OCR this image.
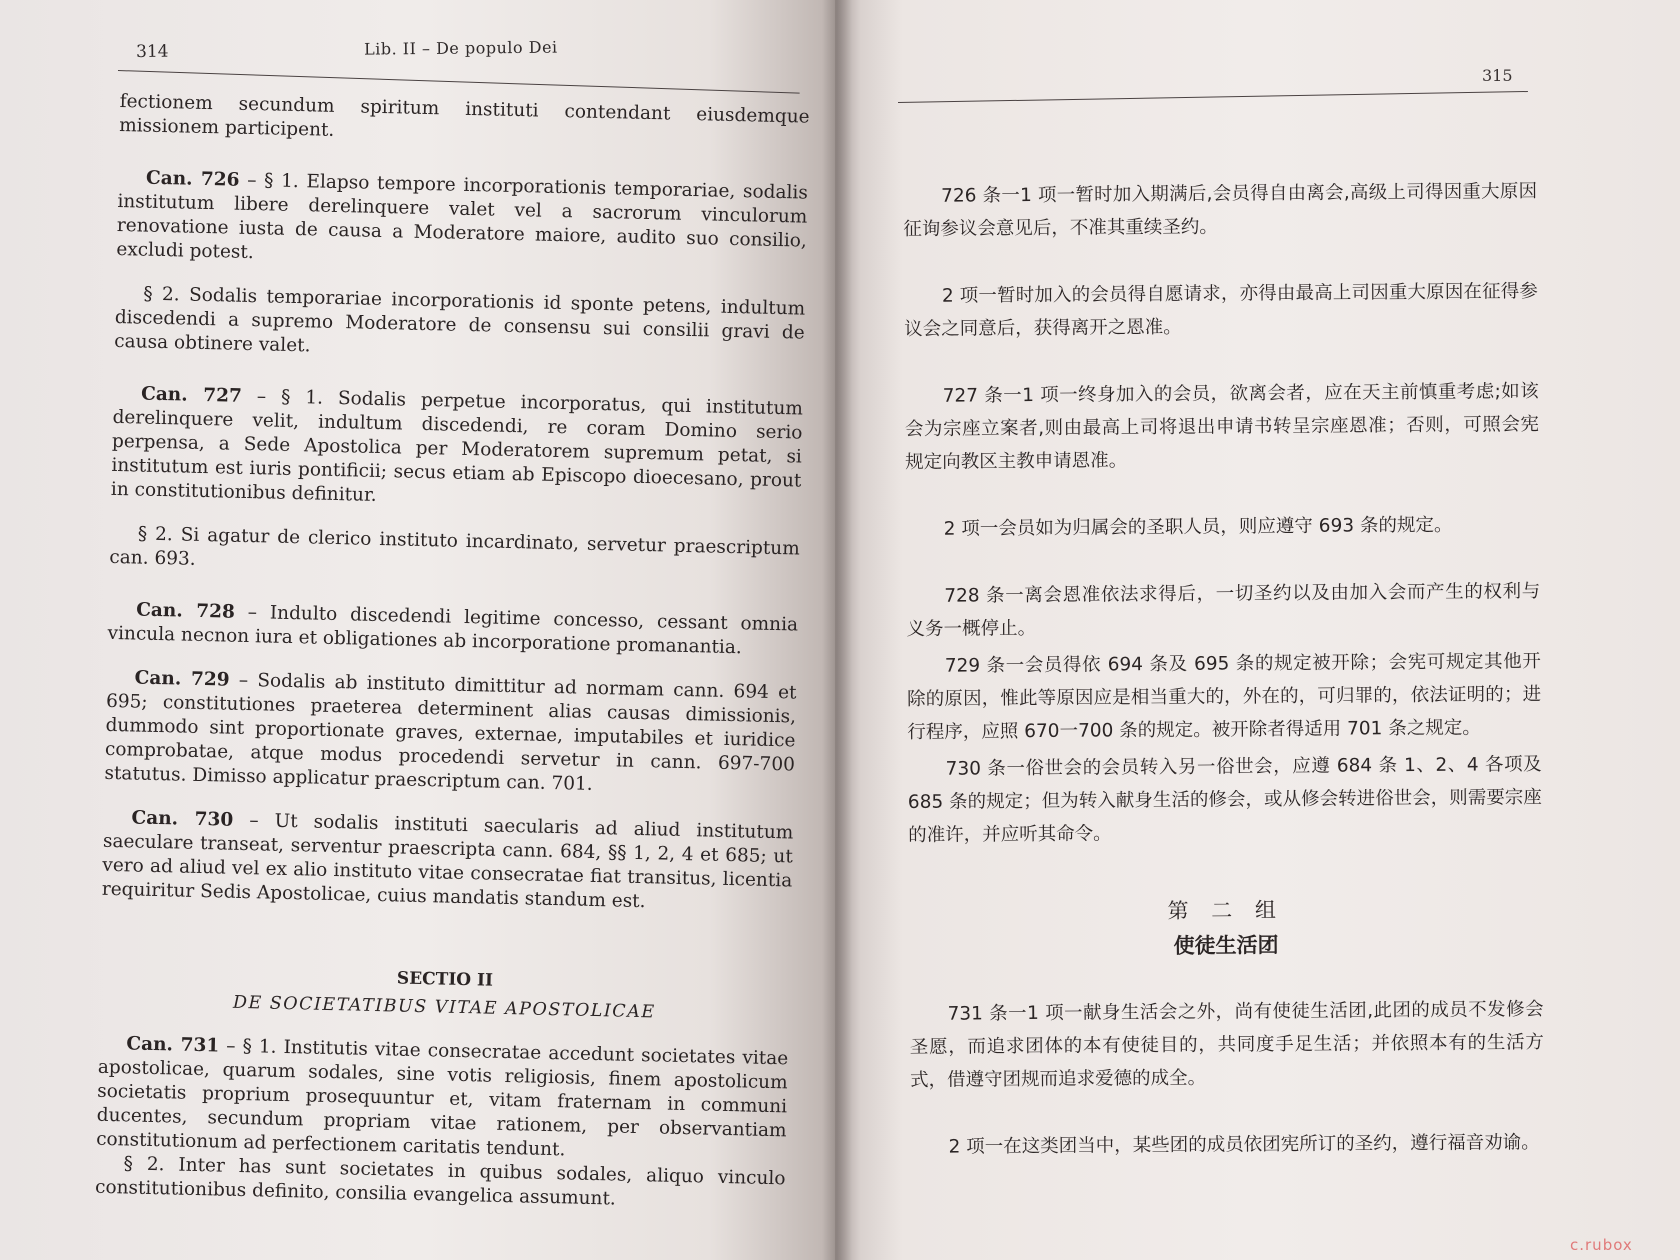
314	Lib. II – De populo Dei

fectionem secundum spiritum instituti contendant eiusdemque missionem participent.

Can. 726 – § 1. Elapso tempore incorporationis temporariae, sodalis institutum libere derelinquere valet vel a sacrorum vinculorum renovatione iusta de causa a Moderatore maiore, audito suo consilio, excludi potest.

§ 2. Sodalis temporariae incorporationis id sponte petens, indultum discedendi a supremo Moderatore de consensu sui consilii gravi de causa obtinere valet.

Can. 727 – § 1. Sodalis perpetue incorporatus, qui institutum derelinquere velit, indultum discedendi, re coram Domino serio perpensa, a Sede Apostolica per Moderatorem supremum petat, si institutum est iuris pontificii; secus etiam ab Episcopo dioecesano, prout in constitutionibus definitur.

§ 2. Si agatur de clerico instituto incardinato, servetur praescriptum can. 693.

Can. 728 – Indulto discedendi legitime concesso, cessant omnia vincula necnon iura et obligationes ab incorporatione promanantia.

Can. 729 – Sodalis ab instituto dimittitur ad normam cann. 694 et 695; constitutiones praeterea determinent alias causas dimissionis, dummodo sint proportionate graves, externae, imputabiles et iuridice comprobatae, atque modus procedendi servetur in cann. 697-700 statutus. Dimisso applicatur praescriptum can. 701.

Can. 730 – Ut sodalis instituti saecularis ad aliud institutum saeculare transeat, serventur praescripta cann. 684, §§ 1, 2, 4 et 685; ut vero ad aliud vel ex alio instituto vitae consecratae fiat transitus, licentia requiritur Sedis Apostolicae, cuius mandatis standum est.

SECTIO II

DE SOCIETATIBUS VITAE APOSTOLICAE

Can. 731 – § 1. Institutis vitae consecratae accedunt societates vitae apostolicae, quarum sodales, sine votis religiosis, finem apostolicum societatis proprium prosequuntur et, vitam fraternam in communi ducentes, secundum propriam vitae rationem, per observantiam constitutionum ad perfectionem caritatis tendunt.

§ 2. Inter has sunt societates in quibus sodales, aliquo vinculo constitutionibus definito, consilia evangelica assumunt.

315

726 条一1 项一暂时加入期满后,会员得自由离会,高级上司得因重大原因征询参议会意见后，不准其重续圣约。

2 项一暂时加入的会员得自愿请求，亦得由最高上司因重大原因在征得参议会之同意后，获得离开之恩准。

727 条一1 项一终身加入的会员，欲离会者，应在天主前慎重考虑;如该会为宗座立案者,则由最高上司将退出申请书转呈宗座恩准；否则，可照会宪规定向教区主教申请恩准。

2 项一会员如为归属会的圣职人员，则应遵守 693 条的规定。

728 条一离会恩准依法求得后，一切圣约以及由加入会而产生的权利与义务一概停止。

729 条一会员得依 694 条及 695 条的规定被开除；会宪可规定其他开除的原因，惟此等原因应是相当重大的，外在的，可归罪的，依法证明的；进行程序，应照 670一700 条的规定。被开除者得适用 701 条之规定。

730 条一俗世会的会员转入另一俗世会，应遵 684 条 1、2、4 各项及 685 条的规定；但为转入献身生活的修会，或从修会转进俗世会，则需要宗座的准许，并应听其命令。

第 二 组

使徒生活团

731 条一1 项一献身生活会之外，尚有使徒生活团,此团的成员不发修会圣愿，而追求团体的本有使徒目的，共同度手足生活；并依照本有的生活方式，借遵守团规而追求爱德的成全。

2 项一在这类团当中，某些团的成员依团宪所订的圣约，遵行福音劝谕。

c.rubox
